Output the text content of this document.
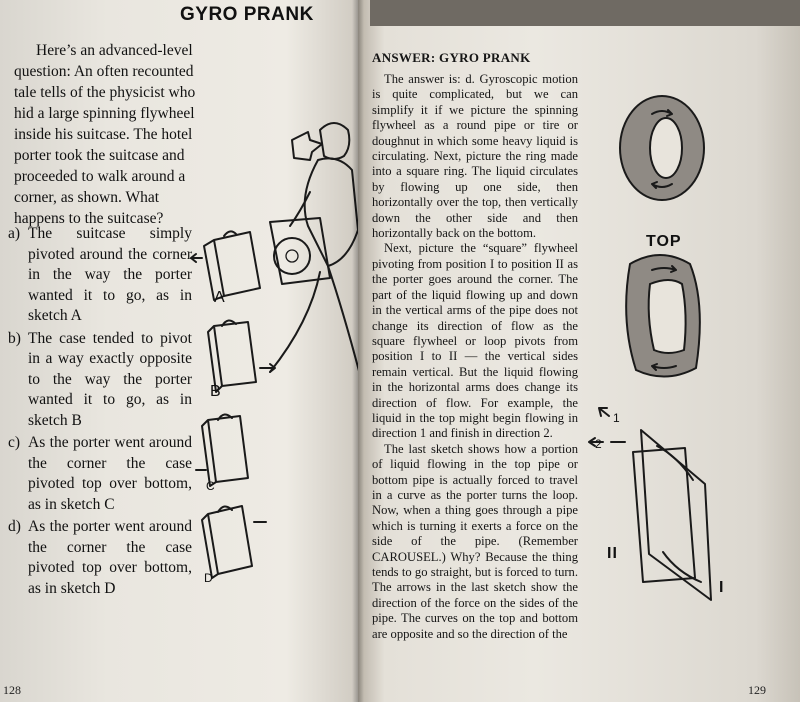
GYRO PRANK

Here’s an advanced-level question: An often recounted tale tells of the physicist who hid a large spinning flywheel inside his suitcase. The hotel porter took the suitcase and proceeded to walk around a corner, as shown. What happens to the suitcase?

a) The suitcase simply pivoted around the corner in the way the porter wanted it to go, as in sketch A
b) The case tended to pivot in a way exactly opposite to the way the porter wanted it to go, as in sketch B
c) As the porter went around the corner the case pivoted top over bottom, as in sketch C
d) As the porter went around the corner the case pivoted top over bottom, as in sketch D
A
B
C
D
128
ANSWER: GYRO PRANK

The answer is: d. Gyroscopic motion is quite complicated, but we can simplify it if we picture the spinning flywheel as a round pipe or tire or doughnut in which some heavy liquid is circulating. Next, picture the ring made into a square ring. The liquid circulates by flowing up one side, then horizontally over the top, then vertically down the other side and then horizontally back on the bottom.

Next, picture the “square” flywheel pivoting from position I to position II as the porter goes around the corner. The part of the liquid flowing up and down in the vertical arms of the pipe does not change its direction of flow as the square flywheel or loop pivots from position I to II — the vertical sides remain vertical. But the liquid flowing in the horizontal arms does change its direction of flow. For example, the liquid in the top might begin flowing in direction 1 and finish in direction 2.

The last sketch shows how a portion of liquid flowing in the top pipe or bottom pipe is actually forced to travel in a curve as the porter turns the loop. Now, when a thing goes through a pipe which is turning it exerts a force on the side of the pipe. (Remember CAROUSEL.) Why? Because the thing tends to go straight, but is forced to turn. The arrows in the last sketch show the direction of the force on the sides of the pipe. The curves on the top and bottom are opposite and so the direction of the

TOP
1
2
II
I
129
